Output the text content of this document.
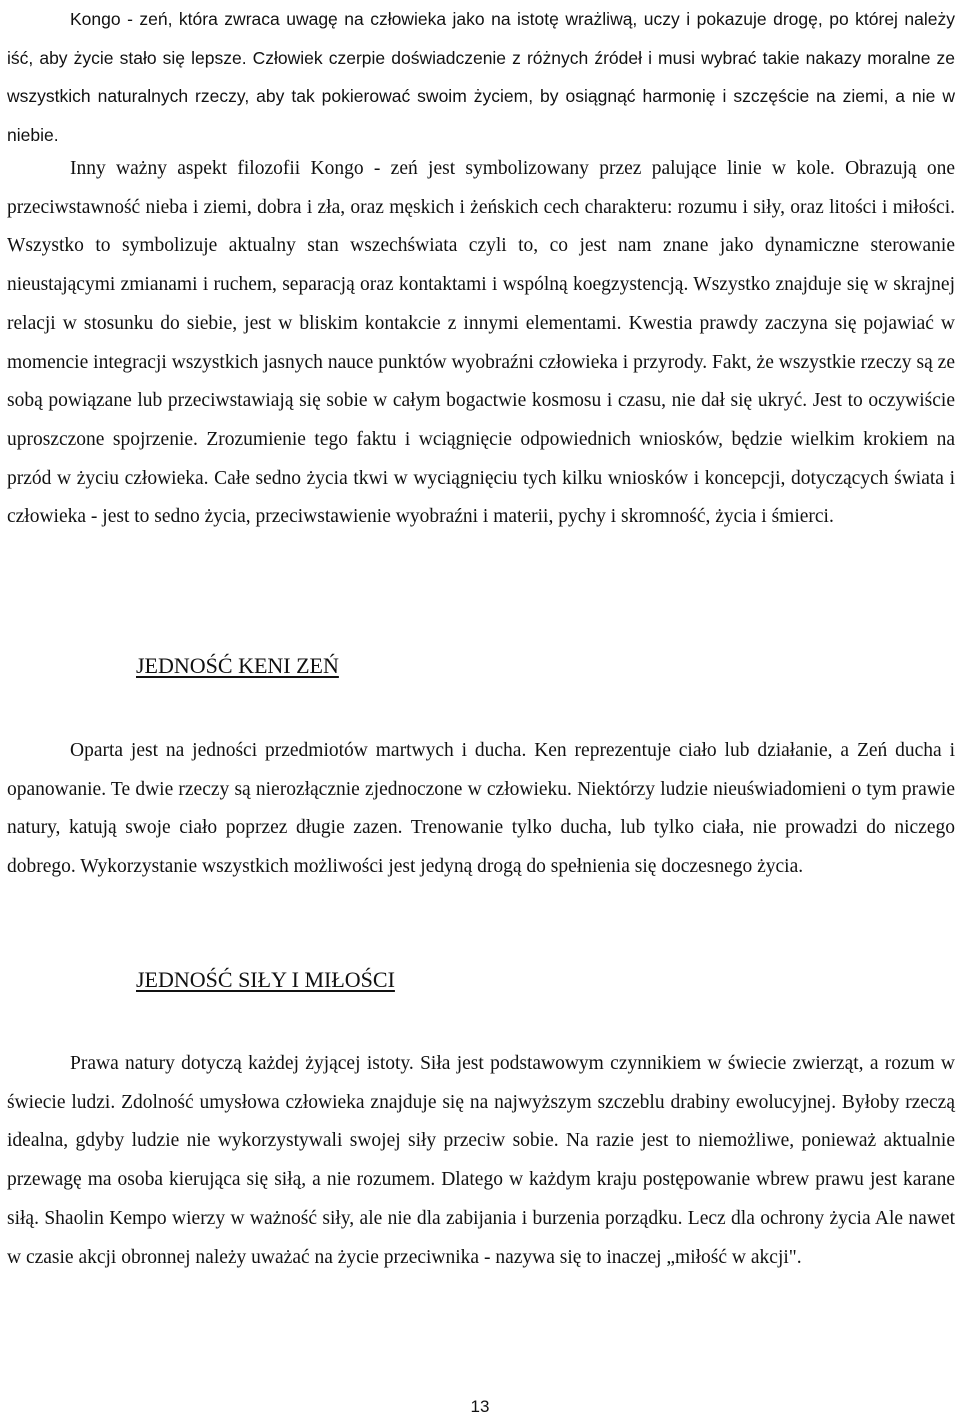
Kongo - zeń, która zwraca uwagę na człowieka jako na istotę wrażliwą, uczy i pokazuje drogę, po której należy iść, aby życie stało się lepsze. Człowiek czerpie doświadczenie z różnych źródeł i musi wybrać takie nakazy moralne ze wszystkich naturalnych rzeczy, aby tak pokierować swoim życiem, by osiągnąć harmonię i szczęście na ziemi, a nie w niebie.

Inny ważny aspekt filozofii Kongo - zeń jest symbolizowany przez palujące linie w kole. Obrazują one przeciwstawność nieba i ziemi, dobra i zła, oraz męskich i żeńskich cech charakteru: rozumu i siły, oraz litości i miłości. Wszystko to symbolizuje aktualny stan wszechświata czyli to, co jest nam znane jako dynamiczne sterowanie nieustającymi zmianami i ruchem, separacją oraz kontaktami i wspólną koegzystencją. Wszystko znajduje się w skrajnej relacji w stosunku do siebie, jest w bliskim kontakcie z innymi elementami. Kwestia prawdy zaczyna się pojawiać w momencie integracji wszystkich jasnych nauce punktów wyobraźni człowieka i przyrody. Fakt, że wszystkie rzeczy są ze sobą powiązane lub przeciwstawiają się sobie w całym bogactwie kosmosu i czasu, nie dał się ukryć. Jest to oczywiście uproszczone spojrzenie. Zrozumienie tego faktu i wciągnięcie odpowiednich wniosków, będzie wielkim krokiem na przód w życiu człowieka. Całe sedno życia tkwi w wyciągnięciu tych kilku wniosków i koncepcji, dotyczących świata i człowieka - jest to sedno życia, przeciwstawienie wyobraźni i materii, pychy i skromność, życia i śmierci.

JEDNOŚĆ KENI ZEŃ

Oparta jest na jedności przedmiotów martwych i ducha. Ken reprezentuje ciało lub działanie, a Zeń ducha i opanowanie. Te dwie rzeczy są nierozłącznie zjednoczone w człowieku. Niektórzy ludzie nieuświadomieni o tym prawie natury, katują swoje ciało poprzez długie zazen. Trenowanie tylko ducha, lub tylko ciała, nie prowadzi do niczego dobrego. Wykorzystanie wszystkich możliwości jest jedyną drogą do spełnienia się doczesnego życia.

JEDNOŚĆ SIŁY I MIŁOŚCI

Prawa natury dotyczą każdej żyjącej istoty. Siła jest podstawowym czynnikiem w świecie zwierząt, a rozum w świecie ludzi. Zdolność umysłowa człowieka znajduje się na najwyższym szczeblu drabiny ewolucyjnej. Byłoby rzeczą idealna, gdyby ludzie nie wykorzystywali swojej siły przeciw sobie. Na razie jest to niemożliwe, ponieważ aktualnie przewagę ma osoba kierująca się siłą, a nie rozumem. Dlatego w każdym kraju postępowanie wbrew prawu jest karane siłą. Shaolin Kempo wierzy w ważność siły, ale nie dla zabijania i burzenia porządku. Lecz dla ochrony życia Ale nawet w czasie akcji obronnej należy uważać na życie przeciwnika - nazywa się to inaczej „miłość w akcji".

13
